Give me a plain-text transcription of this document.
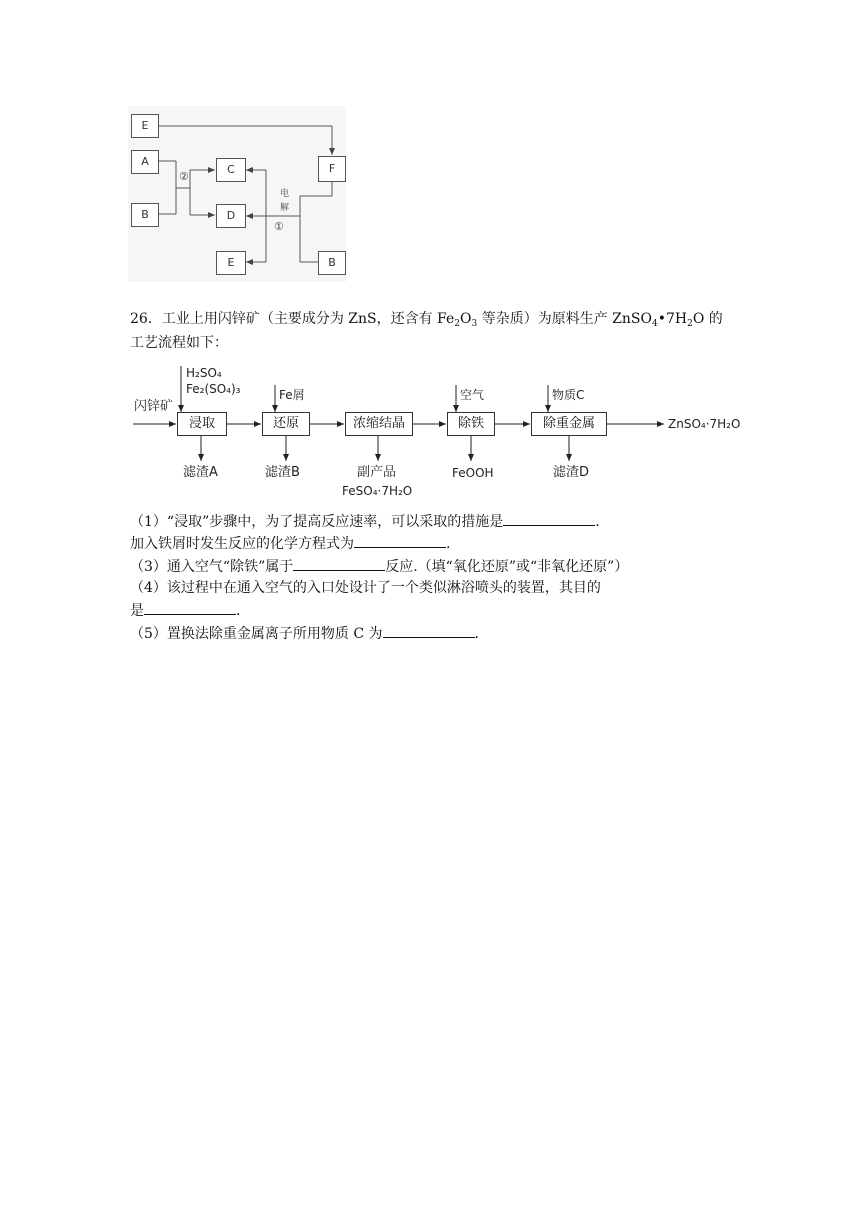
E
A
B
C
D
E
F
B
②
电
解
①
26．工业上用闪锌矿（主要成分为 ZnS，还含有 $Fe_2O_3$ 等杂质）为原料生产 $ZnSO_4•7H_2O$ 的
工艺流程如下：
闪锌矿
H₂SO₄
Fe₂(SO₄)₃	Fe屑	空气	物质C
浸取	还原	浓缩结晶	除铁	除重金属	ZnSO₄·7H₂O
滤渣A	滤渣B	副产品
FeSO₄·7H₂O
FeOOH	滤渣D
（1）“浸取”步骤中，为了提高反应速率，可以采取的措施是	.
加入铁屑时发生反应的化学方程式为	.
（3）通入空气“除铁”属于	反应.（填“氧化还原”或“非氧化还原”）
（4）该过程中在通入空气的入口处设计了一个类似淋浴喷头的装置，其目的
是	.
（5）置换法除重金属离子所用物质 C 为	.
